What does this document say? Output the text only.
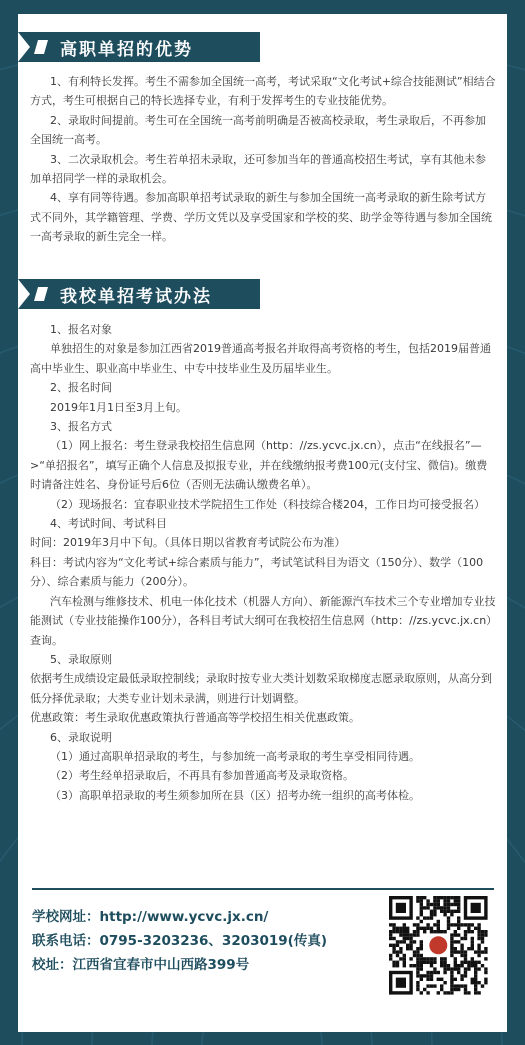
高职单招的优势

1、有利特长发挥。考生不需参加全国统一高考，考试采取“文化考试+综合技能测试”相结合方式，考生可根据自己的特长选择专业，有利于发挥考生的专业技能优势。

2、录取时间提前。考生可在全国统一高考前明确是否被高校录取，考生录取后，不再参加全国统一高考。

3、二次录取机会。考生若单招未录取，还可参加当年的普通高校招生考试，享有其他未参加单招同学一样的录取机会。

4、享有同等待遇。参加高职单招考试录取的新生与参加全国统一高考录取的新生除考试方式不同外，其学籍管理、学费、学历文凭以及享受国家和学校的奖、助学金等待遇与参加全国统一高考录取的新生完全一样。

我校单招考试办法

1、报名对象

单独招生的对象是参加江西省2019普通高考报名并取得高考资格的考生，包括2019届普通高中毕业生、职业高中毕业生、中专中技毕业生及历届毕业生。

2、报名时间

2019年1月1日至3月上旬。

3、报名方式

（1）网上报名：考生登录我校招生信息网（http：//zs.ycvc.jx.cn），点击“在线报名”—>“单招报名”，填写正确个人信息及拟报专业，并在线缴纳报考费100元(支付宝、微信)。缴费时请备注姓名、身份证号后6位（否则无法确认缴费名单）。

（2）现场报名：宜春职业技术学院招生工作处（科技综合楼204，工作日均可接受报名）

4、考试时间、考试科目

时间：2019年3月中下旬。（具体日期以省教育考试院公布为准）

科目：考试内容为“文化考试+综合素质与能力”，考试笔试科目为语文（150分）、数学（100分）、综合素质与能力（200分）。

汽车检测与维修技术、机电一体化技术（机器人方向）、新能源汽车技术三个专业增加专业技能测试（专业技能操作100分），各科目考试大纲可在我校招生信息网（http：//zs.ycvc.jx.cn）查询。

5、录取原则

依据考生成绩设定最低录取控制线；录取时按专业大类计划数采取梯度志愿录取原则，从高分到低分择优录取；大类专业计划未录满，则进行计划调整。

优惠政策：考生录取优惠政策执行普通高等学校招生相关优惠政策。

6、录取说明

（1）通过高职单招录取的考生，与参加统一高考录取的考生享受相同待遇。

（2）考生经单招录取后，不再具有参加普通高考及录取资格。

（3）高职单招录取的考生须参加所在县（区）招考办统一组织的高考体检。

学校网址：http://www.ycvc.jx.cn/
联系电话：0795-3203236、3203019(传真)
校址：江西省宜春市中山西路399号
